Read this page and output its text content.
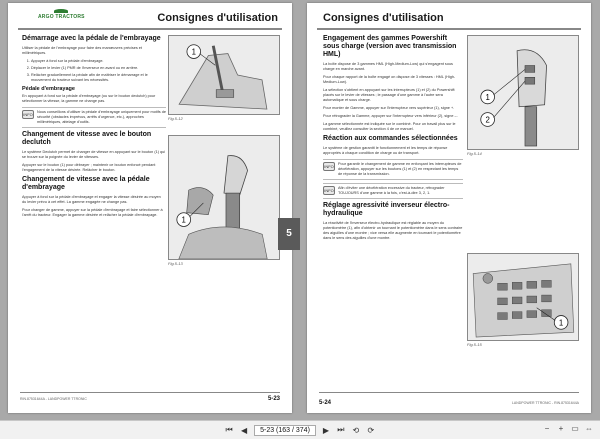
ARGO TRACTORS	Consignes d'utilisation
Démarrage avec la pédale de l'embrayage

Utiliser la pédale de l'embrayage pour faire des manœuvres précises et millimétriques.

1. Appuyer à fond sur la pédale d'embrayage.
2. Déplacer le levier (1) PMR de l'inverseur en avant ou en arrière.
3. Relâcher graduellement la pédale afin de maîtriser le démarrage et le mouvement du tracteur suivant les nécessités.
Pédale d'embrayage

En appuyant à fond sur la pédale d'embrayage (ou sur le bouton declutch) pour sélectionner la vitesse, la gamme ne change pas.

INFO	Nous conseillons d'utiliser la pédale d'embrayage uniquement pour motifs de sécurité (obstacles imprévus, arrêts d'urgence, etc.), approches millimétriques, attelage d'outils.

Changement de vitesse avec le bouton declutch

Le système Declutch permet de changer de vitesse en appuyant sur le bouton (1) qui se trouve sur la poignée du levier de vitesses.

Appuyer sur le bouton (1) pour débrayer ; maintenir ce bouton enfoncé pendant l'engagement de la vitesse désirée. Relâcher le bouton.

Changement de vitesse avec la pédale d'embrayage

Appuyer à fond sur la pédale d'embrayage et engager la vitesse désirée au moyen du levier prévu à cet effet. La gamme engagée ne change pas.

Pour changer de gamme, appuyer sur la pédale d'embrayage et faire sélectionner à l'arrêt du tracteur. Engager la gamme désirée et relâcher la pédale d'embrayage.

1
Fig.5-12
1
Fig.5-13
RIN.87531644A - LANDPOWER TTRONIC	5-23
5
Consignes d'utilisation
Engagement des gammes Powershift sous charge (version avec transmission HML)

La boîte dispose de 3 gammes HML (High-Medium-Low) qui s'engagent sous charge en marche avant.

Pour chaque rapport de la boîte engagé on dispose de 3 vitesses : HML (High-Medium-Low).

La sélection s'obtient en appuyant sur les interrupteurs (1) et (2) du Powershift placés sur le levier de vitesses ; le passage d'une gamme à l'autre sera automatique et sous charge.

Pour monter de Gamme, appuyer sur l'interrupteur vers supérieur (1), signe +.

Pour rétrograder la Gamme, appuyer sur l'interrupteur vers inférieur (2), signe –.

La gamme sélectionnée est indiquée sur le combiné. Pour un travail plus sur le combiné, veuillez consulter la section 4 de ce manuel.

Réaction aux commandes sélectionnées

Le système de gestion garantit le fonctionnement et les temps de réponse appropriés à chaque condition de charge ou de transport.

INFO	Pour garantir le changement de gamme en enfonçant les interrupteurs de décélération, appuyer sur les boutons (1) et (2) en respectant les temps de réponse de la transmission.

INFO	Afin d'éviter une décélération excessive du tracteur, rétrograder TOUJOURS d'une gamme à la fois, c'est-à-dire 3, 2, 1.

Réglage agressivité inverseur électro-hydraulique

La réactivité de l'inverseur électro-hydraulique est réglable au moyen du potentiomètre (1), afin d'obtenir un tournant le potentiomètre dans le sens contraire des aiguilles d'une montre ; vice versa elle augmente en tournant le potentiomètre dans le sens des aiguilles d'une montre.

1
2
Fig.5-14
1
Fig.5-15
5-24	LANDPOWER TTRONIC - RIN.87531644A
⏮ ◀	5-23 (163 / 374)	▶ ⏭ ⟲ ⟳	−	+ ▭ ⇔
